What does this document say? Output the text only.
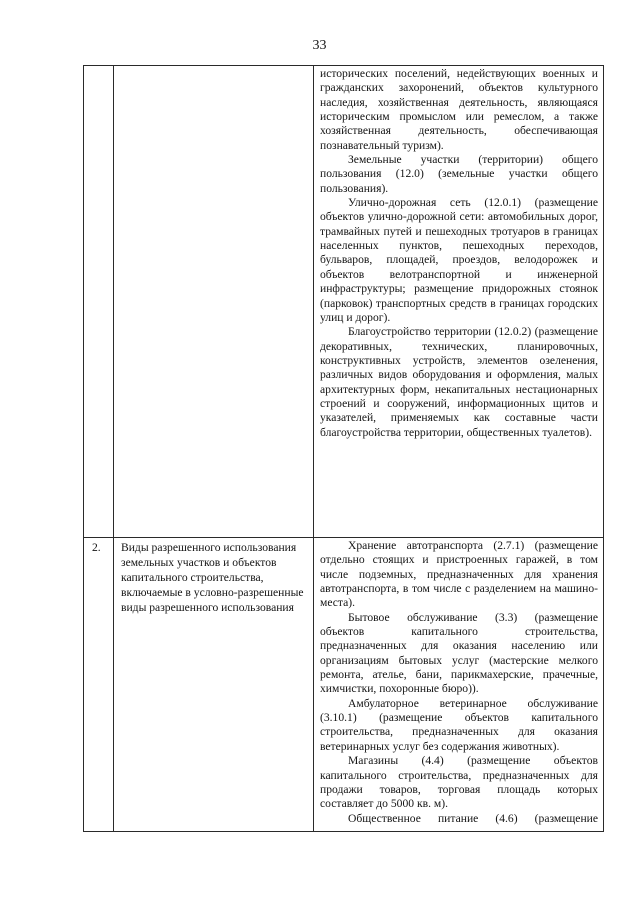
33

		исторических поселений, недействующих военных и гражданских захоронений, объектов культурного наследия, хозяйственная деятельность, являющаяся историческим промыслом или ремеслом, а также хозяйственная деятельность, обеспечивающая познавательный туризм).

Земельные участки (территории) общего пользования (12.0) (земельные участки общего пользования).

Улично-дорожная сеть (12.0.1) (размещение объектов улично-дорожной сети: автомобильных дорог, трамвайных путей и пешеходных тротуаров в границах населенных пунктов, пешеходных переходов, бульваров, площадей, проездов, велодорожек и объектов велотранспортной и инженерной инфраструктуры; размещение придорожных стоянок (парковок) транспортных средств в границах городских улиц и дорог).

Благоустройство территории (12.0.2) (размещение декоративных, технических, планировочных, конструктивных устройств, элементов озеленения, различных видов оборудования и оформления, малых архитектурных форм, некапитальных нестационарных строений и сооружений, информационных щитов и указателей, применяемых как составные части благоустройства территории, общественных туалетов).

2.	Виды разрешенного использования земельных участков и объектов капитального строительства, включаемые в условно-разрешенные виды разрешенного использования	Хранение автотранспорта (2.7.1) (размещение отдельно стоящих и пристроенных гаражей, в том числе подземных, предназначенных для хранения автотранспорта, в том числе с разделением на машино-места).

Бытовое обслуживание (3.3) (размещение объектов капитального строительства, предназначенных для оказания населению или организациям бытовых услуг (мастерские мелкого ремонта, ателье, бани, парикмахерские, прачечные, химчистки, похоронные бюро)).

Амбулаторное ветеринарное обслуживание (3.10.1) (размещение объектов капитального строительства, предназначенных для оказания ветеринарных услуг без содержания животных).

Магазины (4.4) (размещение объектов капитального строительства, предназначенных для продажи товаров, торговая площадь которых составляет до 5000 кв. м).

Общественное питание (4.6) (размещение
